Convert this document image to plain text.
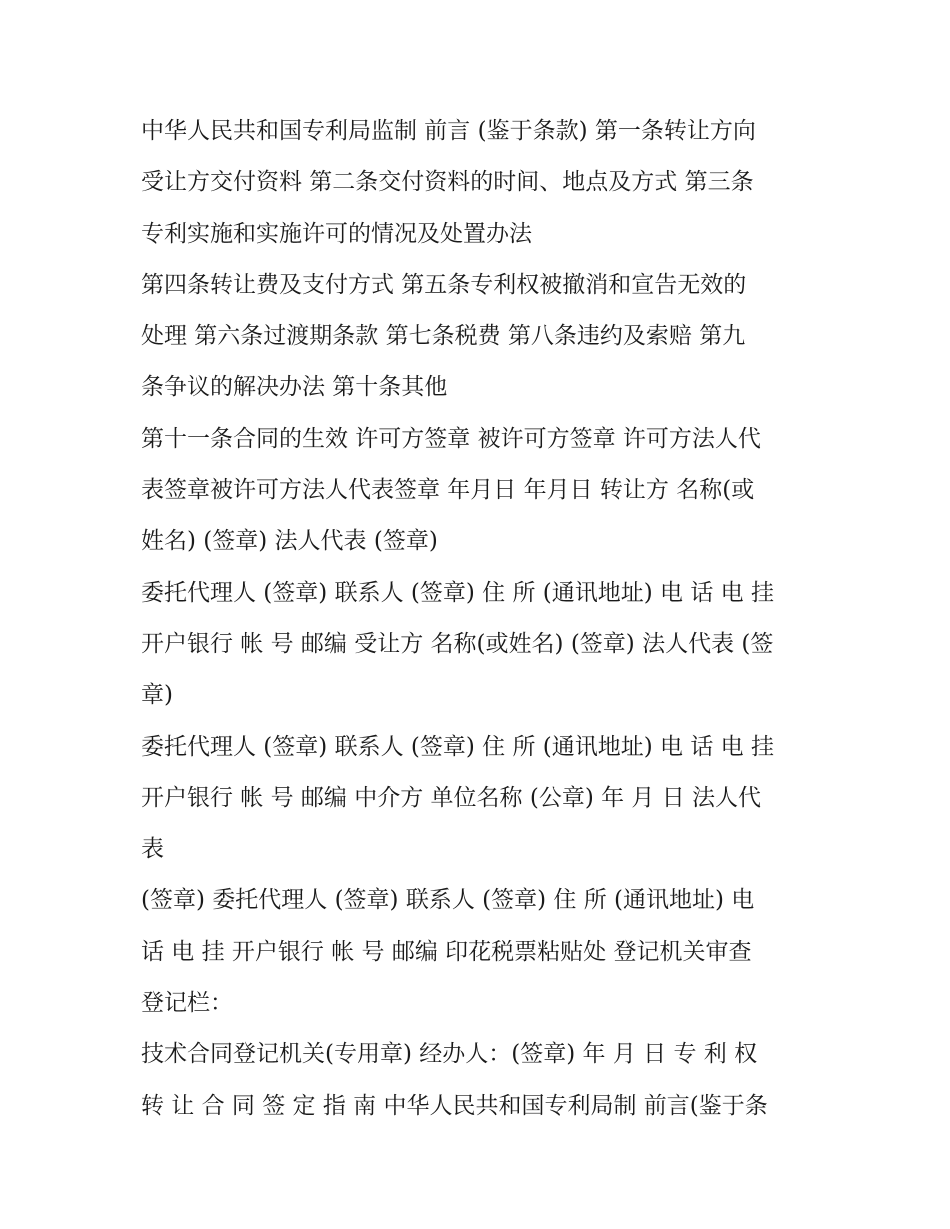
中华人民共和国专利局监制 前言 (鉴于条款) 第一条转让方向
受让方交付资料 第二条交付资料的时间、地点及方式 第三条
专利实施和实施许可的情况及处置办法
第四条转让费及支付方式 第五条专利权被撤消和宣告无效的
处理 第六条过渡期条款 第七条税费 第八条违约及索赔 第九
条争议的解决办法 第十条其他
第十一条合同的生效 许可方签章 被许可方签章 许可方法人代
表签章被许可方法人代表签章 年月日 年月日 转让方 名称(或
姓名) (签章) 法人代表 (签章)
委托代理人 (签章) 联系人 (签章) 住 所 (通讯地址) 电 话 电 挂
开户银行 帐 号 邮编 受让方 名称(或姓名) (签章) 法人代表 (签
章)
委托代理人 (签章) 联系人 (签章) 住 所 (通讯地址) 电 话 电 挂
开户银行 帐 号 邮编 中介方 单位名称 (公章) 年 月 日 法人代
表
(签章) 委托代理人 (签章) 联系人 (签章) 住 所 (通讯地址) 电
话 电 挂 开户银行 帐 号 邮编 印花税票粘贴处 登记机关审查
登记栏：
技术合同登记机关(专用章) 经办人：(签章) 年 月 日 专 利 权
转 让 合 同 签 定 指 南 中华人民共和国专利局制 前言(鉴于条
